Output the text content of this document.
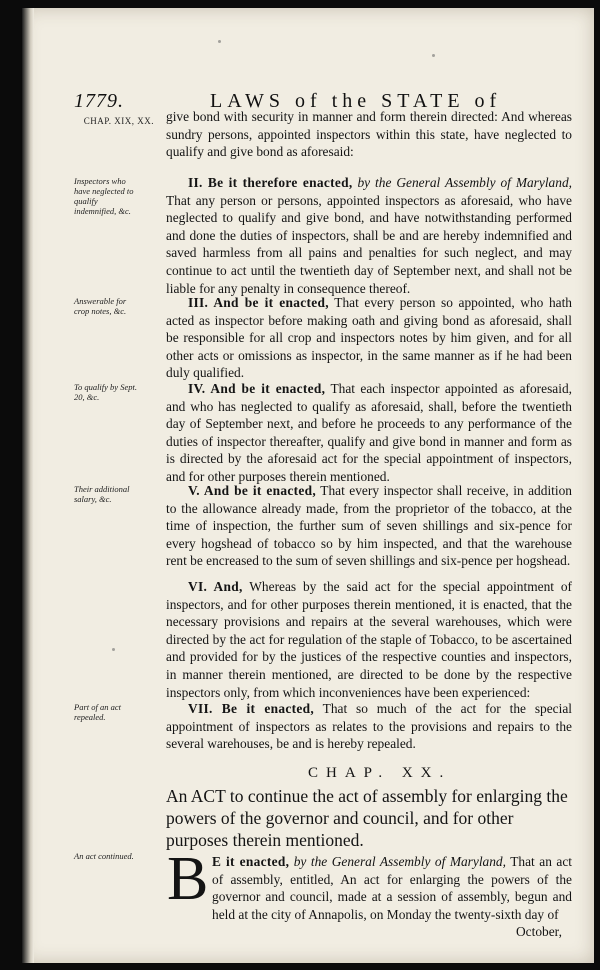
1779.	LAWS of the STATE of
CHAP. XIX, XX.
Inspectors who have neglected to qualify indemnified, &c.
Answerable for crop notes, &c.
To qualify by Sept. 20, &c.
Their additional salary, &c.
Part of an act repealed.
An act continued.

give bond with security in manner and form therein directed: And whereas sundry persons, appointed inspectors within this state, have neglected to qualify and give bond as aforesaid:

II. Be it therefore enacted, by the General Assembly of Maryland, That any person or persons, appointed inspectors as aforesaid, who have neglected to qualify and give bond, and have notwithstanding performed and done the duties of inspectors, shall be and are hereby indemnified and saved harmless from all pains and penalties for such neglect, and may continue to act until the twentieth day of September next, and shall not be liable for any penalty in consequence thereof.

III. And be it enacted, That every person so appointed, who hath acted as inspector before making oath and giving bond as aforesaid, shall be responsible for all crop and inspectors notes by him given, and for all other acts or omissions as inspector, in the same manner as if he had been duly qualified.

IV. And be it enacted, That each inspector appointed as aforesaid, and who has neglected to qualify as aforesaid, shall, before the twentieth day of September next, and before he proceeds to any performance of the duties of inspector thereafter, qualify and give bond in manner and form as is directed by the aforesaid act for the special appointment of inspectors, and for other purposes therein mentioned.

V. And be it enacted, That every inspector shall receive, in addition to the allowance already made, from the proprietor of the tobacco, at the time of inspection, the further sum of seven shillings and six-pence for every hogshead of tobacco so by him inspected, and that the warehouse rent be encreased to the sum of seven shillings and six-pence per hogshead.

VI. And, Whereas by the said act for the special appointment of inspectors, and for other purposes therein mentioned, it is enacted, that the necessary provisions and repairs at the several warehouses, which were directed by the act for regulation of the staple of Tobacco, to be ascertained and provided for by the justices of the respective counties and inspectors, in manner therein mentioned, are directed to be done by the respective inspectors only, from which inconveniences have been experienced:

VII. Be it enacted, That so much of the act for the special appointment of inspectors as relates to the provisions and repairs to the several warehouses, be and is hereby repealed.

CHAP. XX.
An ACT to continue the act of assembly for enlarging the powers of the governor and council, and for other purposes therein mentioned.
B E it enacted, by the General Assembly of Maryland, That an act of assembly, entitled, An act for enlarging the powers of the governor and council, made at a session of assembly, begun and held at the city of Annapolis, on Monday the twenty-sixth day of

October,
